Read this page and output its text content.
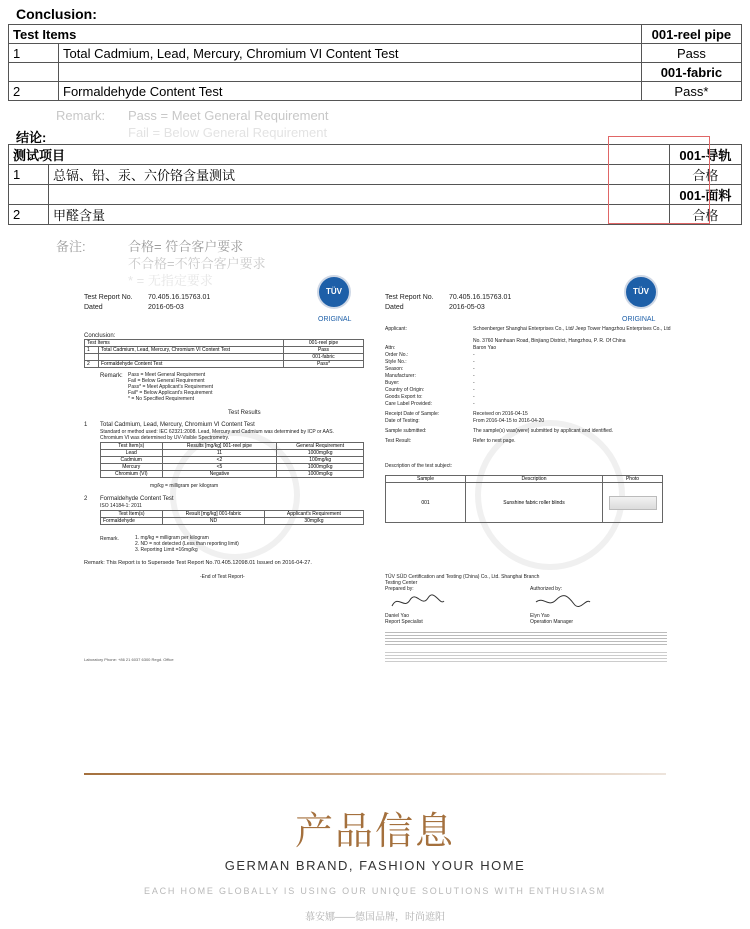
Conclusion:
Test Items		001-reel pipe
1	Total Cadmium, Lead, Mercury, Chromium VI Content Test	Pass
		001-fabric
2	Formaldehyde Content Test	Pass*
Remark: Pass = Meet General Requirement
Fail = Below General Requirement
结论:
测试项目		001-导轨
1	总镉、铅、汞、六价铬含量测试	合格
		001-面料
2	甲醛含量	合格
备注:	合格= 符合客户要求
不合格=不符合客户要求
* = 无指定要求
Test Report No. 70.405.16.15763.01
Dated	2016-05-03
TÜV
ORIGINAL
Conclusion:
Test Items		001-reel pipe
1	Total Cadmium, Lead, Mercury, Chromium VI Content Test	Pass
		001-fabric
2	Formaldehyde Content Test	Pass*
Remark: Pass = Meet General Requirement
Fail = Below General Requirement
Pass* = Meet Applicant's Requirement
Fail* = Below Applicant's Requirement
* = No Specified Requirement
Test Results
1 Total Cadmium, Lead, Mercury, Chromium VI Content Test
Standard or method used: IEC 62321:2008. Lead, Mercury and Cadmium was determined by ICP or AAS.
Chromium VI was determined by UV-Visible Spectrometry.
Test Item(s)	Results [mg/kg] 001-reel pipe	General Requirement
Lead	11	1000mg/kg
Cadmium	<2	100mg/kg
Mercury	<5	1000mg/kg
Chromium (VI)	Negative	1000mg/kg
mg/kg = milligram per kilogram
2 Formaldehyde Content Test
ISO 14184-1: 2011
Test Item(s)	Result [mg/kg] 001-fabric	Applicant's Requirement
Formaldehyde	ND	30mg/kg
Remark.	1. mg/kg = milligram per kilogram
2. ND = not detected (Less than reporting limit)
3. Reporting Limit =16mg/kg
Remark: This Report is to Supersede Test Report No.70.405.12098.01 Issued on 2016-04-27.
-End of Test Report-
Laboratory Phone: +86 21 6037 6300 Regd. Office
Test Report No. 70.405.16.15763.01
Dated	2016-05-03
TÜV
ORIGINAL
Applicant:	Schoenberger Shanghai Enterprises Co., Ltd/ Jeep Tower Hangzhou Enterprises Co., Ltd
No. 3760 Nanhuan Road, Binjiang District, Hangzhou, P. R. Of China
Attn:	Baron Yao
Order No.:	-
Style No.:	-
Season:	-
Manufacturer:	-
Buyer:	-
Country of Origin:	-
Goods Export to:	-
Care Label Provided:	-
Receipt Date of Sample:	Received on 2016-04-15
Date of Testing:	From 2016-04-15 to 2016-04-20
Sample submitted:	The sample(s) was(were) submitted by applicant and identified.
Test Result:	Refer to next page.
Description of the test subject:
Sample	Description	Photo
001	Sunshine fabric roller blinds	
TÜV SÜD Certification and Testing (China) Co., Ltd. Shanghai Branch
Testing Center
Prepared by:	Authorized by:
Daniel Yao
Report Specialist
Elyn Yao
Operation Manager
产品信息
GERMAN BRAND, FASHION YOUR HOME
EACH HOME GLOBALLY IS USING OUR UNIQUE SOLUTIONS WITH ENTHUSIASM
慕安娜——德国品牌，时尚遮阳
